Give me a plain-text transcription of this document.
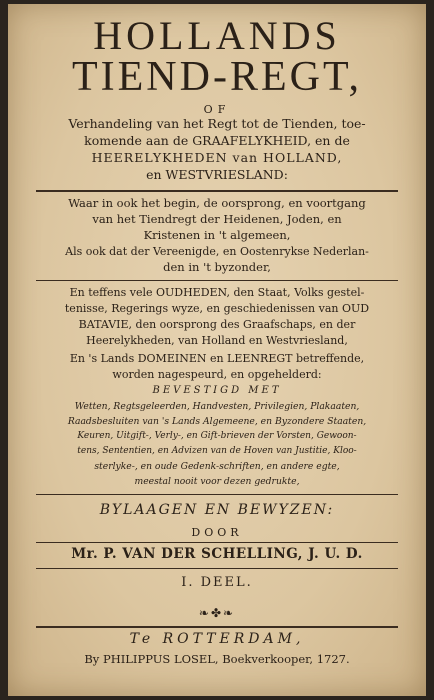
HOLLANDS
TIEND-REGT,
OF
Verhandeling van het Regt tot de Tienden, toe-
komende aan de GRAAFELYKHEID, en de
HEERELYKHEDEN van HOLLAND,
en WESTVRIESLAND:
Waar in ook het begin, de oorsprong, en voortgang
van het Tiendregt der Heidenen, Joden, en
Kristenen in 't algemeen,
Als ook dat der Vereenigde, en Oostenrykse Nederlan-
den in 't byzonder,
En teffens vele OUDHEDEN, den Staat, Volks gestel-
tenisse, Regerings wyze, en geschiedenissen van OUD
BATAVIE, den oorsprong des Graafschaps, en der
Heerelykheden, van Holland en Westvriesland,
En 's Lands DOMEINEN en LEENREGT betreffende,
worden nagespeurd, en opgehelderd:
BEVESTIGD MET
Wetten, Regtsgeleerden, Handvesten, Privilegien, Plakaaten,
Raadsbesluiten van 's Lands Algemeene, en Byzondere Staaten,
Keuren, Uitgift-, Verly-, en Gift-brieven der Vorsten, Gewoon-
tens, Sententien, en Advizen van de Hoven van Justitie, Kloo-
sterlyke-, en oude Gedenk-schriften, en andere egte,
meestal nooit voor dezen gedrukte,
BYLAAGEN EN BEWYZEN:
DOOR
Mr. P. VAN DER SCHELLING, J. U. D.
I. DEEL.
❧✤❧
Te ROTTERDAM,
By PHILIPPUS LOSEL, Boekverkooper, 1727.
